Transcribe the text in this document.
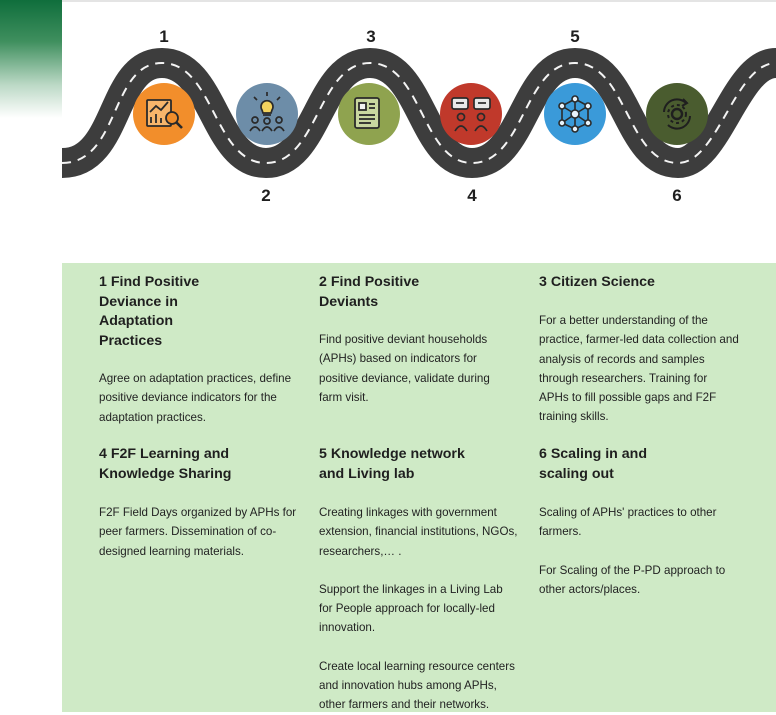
1
2
3
4
5
6
1 Find Positive Deviance in Adaptation Practices

Agree on adaptation practices, define positive deviance indicators for the adaptation practices.

2 Find Positive Deviants

Find positive deviant households (APHs) based on indicators for positive deviance, validate during farm visit.

3 Citizen Science

For a better understanding of the practice, farmer-led data collection and analysis of records and samples through researchers. Training for APHs to fill possible gaps and F2F training skills.

4 F2F Learning and Knowledge Sharing

F2F Field Days organized by APHs for peer farmers. Dissemination of co-designed learning materials.

5 Knowledge network and Living lab

Creating linkages with government extension, financial institutions, NGOs, researchers,… .

Support the linkages in a Living Lab for People approach for locally-led innovation.

Create local learning resource centers and innovation hubs among APHs, other farmers and their networks.

6 Scaling in and scaling out

Scaling of APHs' practices to other farmers.

For Scaling of the P-PD approach to other actors/places.
